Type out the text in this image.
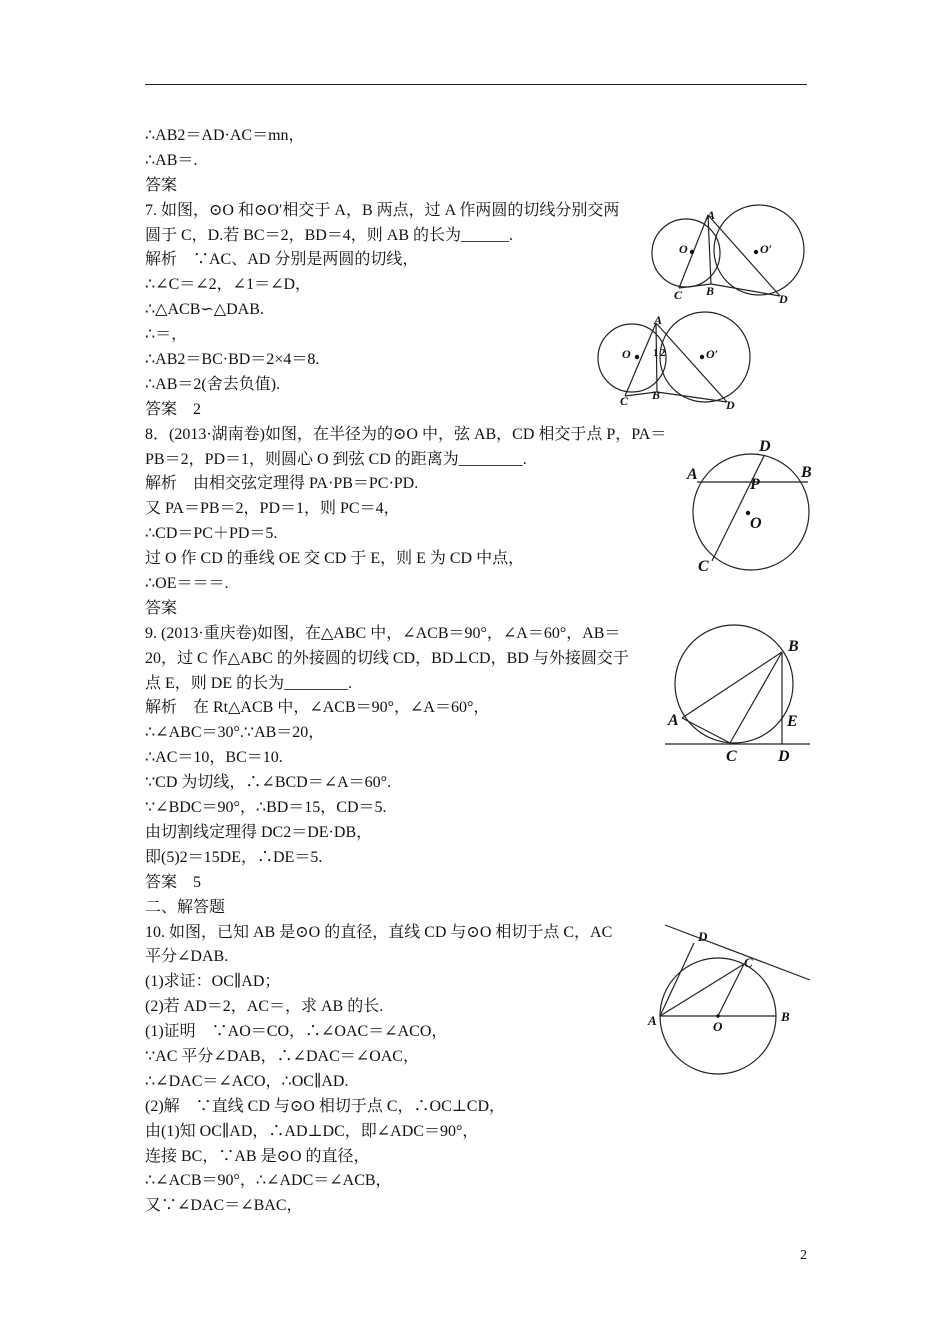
∴AB2＝AD·AC＝mn，
∴AB＝.
答案
7. 如图，⊙O 和⊙O′相交于 A，B 两点，过 A 作两圆的切线分别交两
圆于 C，D.若 BC＝2，BD＝4，则 AB 的长为______.
解析　∵AC、AD 分别是两圆的切线，
∴∠C＝∠2，∠1＝∠D，
∴△ACB∽△DAB.
∴＝，
∴AB2＝BC·BD＝2×4＝8.
∴AB＝2(舍去负值).
答案　2
8．(2013·湖南卷)如图，在半径为的⊙O 中，弦 AB，CD 相交于点 P，PA＝
PB＝2，PD＝1，则圆心 O 到弦 CD 的距离为________.
解析　由相交弦定理得 PA·PB＝PC·PD.
又 PA＝PB＝2，PD＝1，则 PC＝4，
∴CD＝PC＋PD＝5.
过 O 作 CD 的垂线 OE 交 CD 于 E，则 E 为 CD 中点，
∴OE＝＝＝.
答案
9. (2013·重庆卷)如图，在△ABC 中，∠ACB＝90°，∠A＝60°，AB＝
20，过 C 作△ABC 的外接圆的切线 CD，BD⊥CD，BD 与外接圆交于
点 E，则 DE 的长为________.
解析　在 Rt△ACB 中，∠ACB＝90°，∠A＝60°，
∴∠ABC＝30°.∵AB＝20，
∴AC＝10，BC＝10.
∵CD 为切线，∴∠BCD＝∠A＝60°.
∵∠BDC＝90°，∴BD＝15，CD＝5.
由切割线定理得 DC2＝DE·DB，
即(5)2＝15DE，∴DE＝5.
答案　5
二、解答题
10. 如图，已知 AB 是⊙O 的直径，直线 CD 与⊙O 相切于点 C，AC
平分∠DAB.
(1)求证：OC∥AD；
(2)若 AD＝2，AC＝，求 AB 的长.
(1)证明　∵AO＝CO，∴∠OAC＝∠ACO，
∵AC 平分∠DAB，∴∠DAC＝∠OAC，
∴∠DAC＝∠ACO，∴OC∥AD.
(2)解　∵直线 CD 与⊙O 相切于点 C，∴OC⊥CD，
由(1)知 OC∥AD，∴AD⊥DC，即∠ADC＝90°，
连接 BC，∵AB 是⊙O 的直径，
∴∠ACB＝90°，∴∠ADC＝∠ACB，
又∵∠DAC＝∠BAC，
A
O	O′
C B
D
A
O	O′
1 2
C B
D
D
A	B
P
O
C
B
A	E
C	D
D
C
A	O
B
2
